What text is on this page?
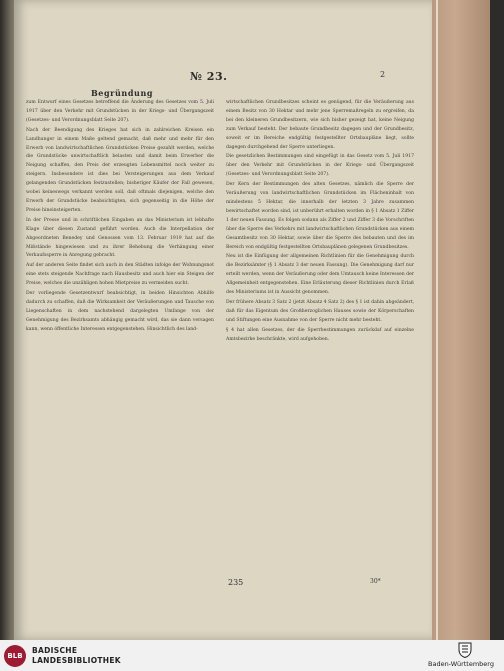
№ 23.	2
Begründung

zum Entwurf eines Gesetzes betreffend die Änderung des Gesetzes vom 5. Juli 1917 über den Verkehr mit Grundstücken in der Kriegs- und Übergangszeit (Gesetzes- und Verordnungsblatt Seite 207).

Nach der Beendigung des Krieges hat sich in zahlreichen Kreisen ein Landhunger in einem Maße geltend gemacht, daß mehr und mehr für den Erwerb von landwirtschaftlichen Grundstücken Preise gezahlt werden, welche die Grundstücke unwirtschaftlich belasten und damit beim Erwerber die Neigung schaffen, den Preis der erzeugten Lebensmittel noch weiter zu steigern. Insbesondere ist dies bei Versteigerungen aus dem Verkauf gelangenden Grundstücken festzustellen; bisheriger Käufer der Fall gewesen, wobei keineswegs verkannt werden soll, daß oftmals diejenigen, welche den Erwerb der Grundstücke beabsichtigten, sich gegenseitig in die Höhe der Preise hineinsteigerten.

In der Presse und in schriftlichen Eingaben an das Ministerium ist lebhafte Klage über diesen Zustand geführt worden. Auch die Interpellation der Abgeordneten Benedey und Genossen vom 13. Februar 1919 hat auf die Mißstände hingewiesen und zu ihrer Behebung die Verhängung einer Verkaufssperre in Anregung gebracht.

Auf der anderen Seite findet sich auch in den Städten infolge der Wohnungsnot eine stets steigende Nachfrage nach Hausbesitz und auch hier ein Steigen der Preise, welches die unzähligen hohen Mietpreise zu vermeiden sucht.

Der vorliegende Gesetzentwurf beabsichtigt, in beiden Hinsichten Abhilfe dadurch zu schaffen, daß die Wirksamkeit der Veräußerungen und Tausche von Liegenschaften in dem nachstehend dargelegten Umfange von der Genehmigung des Bezirksamts abhängig gemacht wird, das sie dann versagen kann, wenn öffentliche Interessen entgegenstehen. Hinsichtlich des land-

wirtschaftlichen Grundbesitzes scheint es genügend, für die Veräußerung aus einem Besitz von 30 Hektar und mehr jene Sperremaßregeln zu ergreifen, da bei den kleineren Grundbesitzern, wie sich bisher gezeigt hat, keine Neigung zum Verkauf besteht. Der bebaute Grundbesitz dagegen und der Grundbesitz, soweit er im Bereiche endgültig festgestellter Ortsbaupläne liegt, sollte dagegen durchgehend der Sperre unterliegen.

Die gesetzlichen Bestimmungen sind eingefügt in das Gesetz vom 5. Juli 1917 über den Verkehr mit Grundstücken in der Kriegs- und Übergangszeit (Gesetzes- und Verordnungsblatt Seite 207).

Der Kern der Bestimmungen des alten Gesetzes, nämlich die Sperre der Veräußerung von landwirtschaftlichen Grundstücken im Flächeninhalt von mindestens 5 Hektar, die innerhalb der letzten 3 Jahre zusammen bewirtschaftet worden sind, ist unberührt erhalten worden in § 1 Absatz 1 Ziffer 1 der neuen Fassung. Es folgen sodann als Ziffer 2 und Ziffer 3 die Vorschriften über die Sperre des Verkehrs mit landwirtschaftlichen Grundstücken aus einem Gesamtbesitz von 30 Hektar, sowie über die Sperre des bebauten und des im Bereich von endgültig festgestellten Ortsbauplänen gelegenen Grundbesitzes.

Neu ist die Einfügung der allgemeinen Richtlinien für die Genehmigung durch die Bezirksämter (§ 1 Absatz 3 der neuen Fassung). Die Genehmigung darf nur erteilt werden, wenn der Veräußerung oder dem Umtausch keine Interessen der Allgemeinheit entgegenstehen. Eine Erläuterung dieser Richtlinien durch Erlaß des Ministeriums ist in Aussicht genommen.

Der frühere Absatz 3 Satz 2 (jetzt Absatz 4 Satz 2) des § 1 ist dahin abgeändert, daß für das Eigentum des Großherzoglichen Hauses sowie der Körperschaften und Stiftungen eine Ausnahme von der Sperre nicht mehr besteht.

§ 4 hat allen Gesetzes, der die Sperrbestimmungen zurückdaf auf einzelne Amtsbezirke beschränkte, wird aufgehoben.

235	30*
BLB
BADISCHE
LANDESBIBLIOTHEK	Baden-Württemberg
